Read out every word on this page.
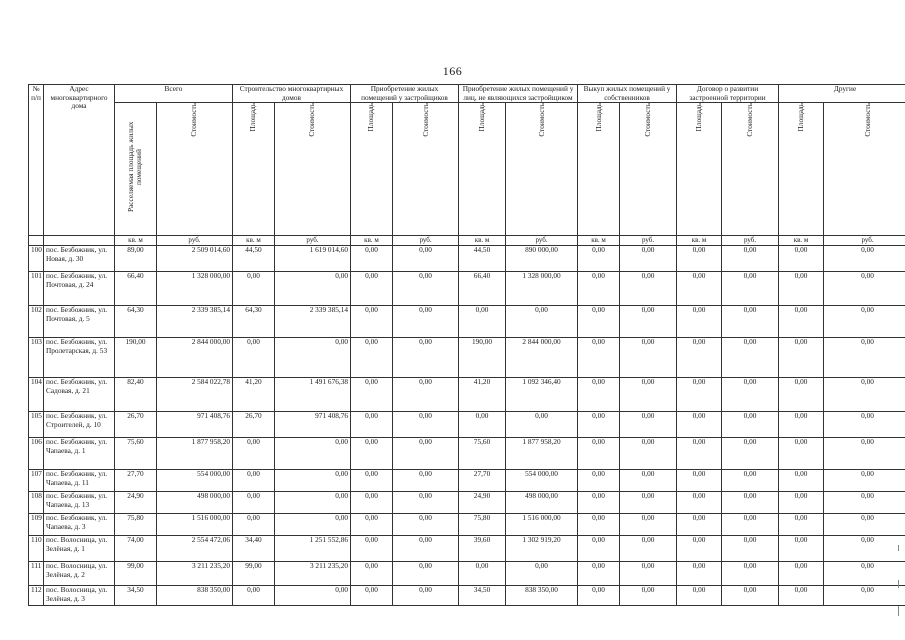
166
№ п/п	Адрес многоквартирного дома	Всего		Строительство многоквартирных домов		Приобретение жилых помещений у застройщиков		Приобретение жилых помещений у лиц, не являющихся застройщиком		Выкуп жилых помещений у собственников		Договор о развитии застроенной территории		Другие	
		Расселяемая площадь жилых помещений	Стоимость	Площадь	Стоимость	Площадь	Стоимость	Площадь	Стоимость	Площадь	Стоимость	Площадь	Стоимость	Площадь	Стоимость
		кв. м	руб.	кв. м	руб.	кв. м	руб.	кв. м	руб.	кв. м	руб.	кв. м	руб.	кв. м	руб.
100	пос. Безбожник, ул. Новая, д. 30	89,00	2 509 014,60	44,50	1 619 014,60	0,00	0,00	44,50	890 000,00	0,00	0,00	0,00	0,00	0,00	0,00
101	пос. Безбожник, ул. Почтовая, д. 24	66,40	1 328 000,00	0,00	0,00	0,00	0,00	66,40	1 328 000,00	0,00	0,00	0,00	0,00	0,00	0,00
102	пос. Безбожник, ул. Почтовая, д. 5	64,30	2 339 385,14	64,30	2 339 385,14	0,00	0,00	0,00	0,00	0,00	0,00	0,00	0,00	0,00	0,00
103	пос. Безбожник, ул. Пролетарская, д. 53	190,00	2 844 000,00	0,00	0,00	0,00	0,00	190,00	2 844 000,00	0,00	0,00	0,00	0,00	0,00	0,00
104	пос. Безбожник, ул. Садовая, д. 21	82,40	2 584 022,78	41,20	1 491 676,38	0,00	0,00	41,20	1 092 346,40	0,00	0,00	0,00	0,00	0,00	0,00
105	пос. Безбожник, ул. Строителей, д. 10	26,70	971 408,76	26,70	971 408,76	0,00	0,00	0,00	0,00	0,00	0,00	0,00	0,00	0,00	0,00
106	пос. Безбожник, ул. Чапаева, д. 1	75,60	1 877 958,20	0,00	0,00	0,00	0,00	75,60	1 877 958,20	0,00	0,00	0,00	0,00	0,00	0,00
107	пос. Безбожник, ул. Чапаева, д. 11	27,70	554 000,00	0,00	0,00	0,00	0,00	27,70	554 000,00	0,00	0,00	0,00	0,00	0,00	0,00
108	пос. Безбожник, ул. Чапаева, д. 13	24,90	498 000,00	0,00	0,00	0,00	0,00	24,90	498 000,00	0,00	0,00	0,00	0,00	0,00	0,00
109	пос. Безбожник, ул. Чапаева, д. 3	75,80	1 516 000,00	0,00	0,00	0,00	0,00	75,80	1 516 000,00	0,00	0,00	0,00	0,00	0,00	0,00
110	пос. Волосница, ул. Зелёная, д. 1	74,00	2 554 472,06	34,40	1 251 552,86	0,00	0,00	39,60	1 302 919,20	0,00	0,00	0,00	0,00	0,00	0,00
111	пос. Волосница, ул. Зелёная, д. 2	99,00	3 211 235,20	99,00	3 211 235,20	0,00	0,00	0,00	0,00	0,00	0,00	0,00	0,00	0,00	0,00
112	пос. Волосница, ул. Зелёная, д. 3	34,50	838 350,00	0,00	0,00	0,00	0,00	34,50	838 350,00	0,00	0,00	0,00	0,00	0,00	0,00
